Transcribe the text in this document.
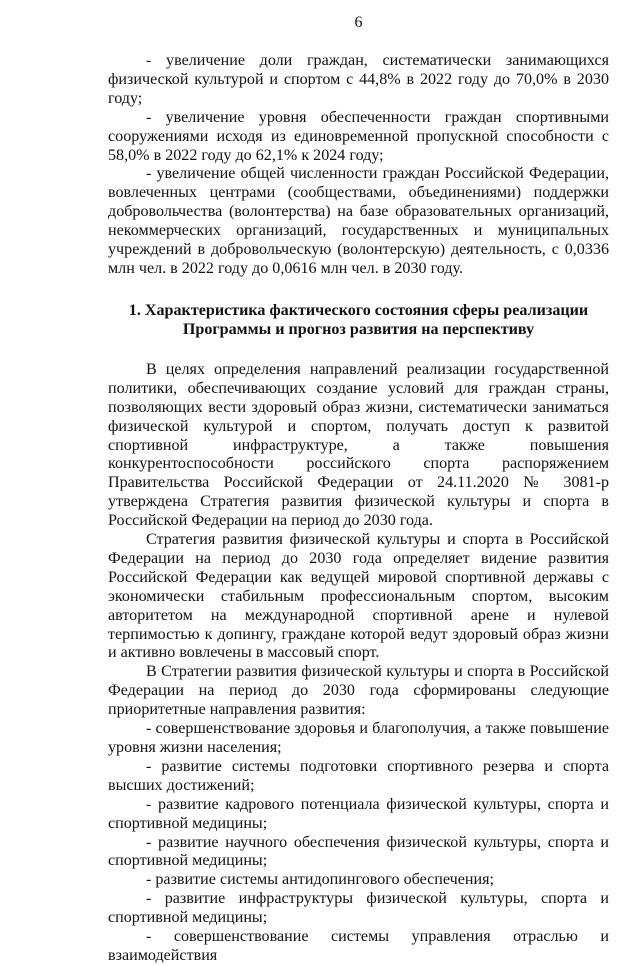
6

- увеличение доли граждан, систематически занимающихся физической культурой и спортом с 44,8% в 2022 году до 70,0% в 2030 году;

- увеличение уровня обеспеченности граждан спортивными сооружениями исходя из единовременной пропускной способности с 58,0% в 2022 году до 62,1% к 2024 году;

- увеличение общей численности граждан Российской Федерации, вовлеченных центрами (сообществами, объединениями) поддержки добровольчества (волонтерства) на базе образовательных организаций, некоммерческих организаций, государственных и муниципальных учреждений в добровольческую (волонтерскую) деятельность, с 0,0336 млн чел. в 2022 году до 0,0616 млн чел. в 2030 году.

1. Характеристика фактического состояния сферы реализации
Программы и прогноз развития на перспективу

В целях определения направлений реализации государственной политики, обеспечивающих создание условий для граждан страны, позволяющих вести здоровый образ жизни, систематически заниматься физической культурой и спортом, получать доступ к развитой спортивной инфраструктуре, а также повышения конкурентоспособности российского спорта распоряжением Правительства Российской Федерации от 24.11.2020 № 3081-р утверждена Стратегия развития физической культуры и спорта в Российской Федерации на период до 2030 года.

Стратегия развития физической культуры и спорта в Российской Федерации на период до 2030 года определяет видение развития Российской Федерации как ведущей мировой спортивной державы с экономически стабильным профессиональным спортом, высоким авторитетом на международной спортивной арене и нулевой терпимостью к допингу, граждане которой ведут здоровый образ жизни и активно вовлечены в массовый спорт.

В Стратегии развития физической культуры и спорта в Российской Федерации на период до 2030 года сформированы следующие приоритетные направления развития:

- совершенствование здоровья и благополучия, а также повышение уровня жизни населения;

- развитие системы подготовки спортивного резерва и спорта высших достижений;

- развитие кадрового потенциала физической культуры, спорта и спортивной медицины;

- развитие научного обеспечения физической культуры, спорта и спортивной медицины;

- развитие системы антидопингового обеспечения;

- развитие инфраструктуры физической культуры, спорта и спортивной медицины;

- совершенствование системы управления отраслью и взаимодействия
